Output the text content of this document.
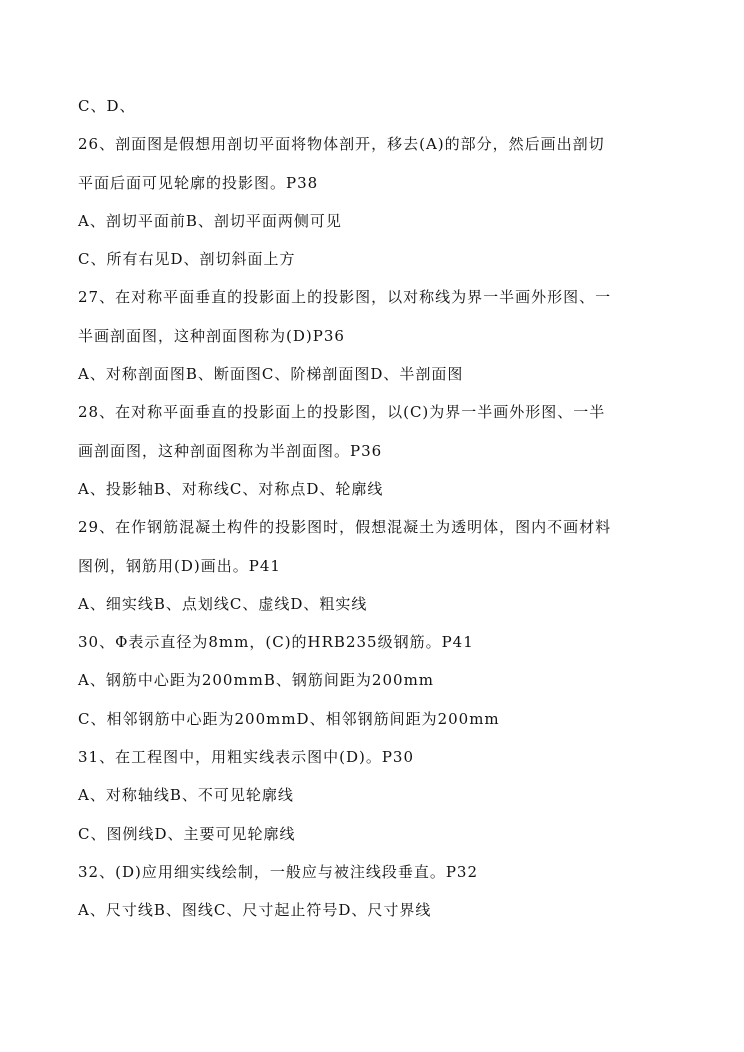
C、D、
26、剖面图是假想用剖切平面将物体剖开，移去(A)的部分，然后画出剖切
平面后面可见轮廓的投影图。P38
A、剖切平面前B、剖切平面两侧可见
C、所有右见D、剖切斜面上方
27、在对称平面垂直的投影面上的投影图，以对称线为界一半画外形图、一
半画剖面图，这种剖面图称为(D)P36
A、对称剖面图B、断面图C、阶梯剖面图D、半剖面图
28、在对称平面垂直的投影面上的投影图，以(C)为界一半画外形图、一半
画剖面图，这种剖面图称为半剖面图。P36
A、投影轴B、对称线C、对称点D、轮廓线
29、在作钢筋混凝土构件的投影图时，假想混凝土为透明体，图内不画材料
图例，钢筋用(D)画出。P41
A、细实线B、点划线C、虚线D、粗实线
30、Φ表示直径为8mm，(C)的HRB235级钢筋。P41
A、钢筋中心距为200mmB、钢筋间距为200mm
C、相邻钢筋中心距为200mmD、相邻钢筋间距为200mm
31、在工程图中，用粗实线表示图中(D)。P30
A、对称轴线B、不可见轮廓线
C、图例线D、主要可见轮廓线
32、(D)应用细实线绘制，一般应与被注线段垂直。P32
A、尺寸线B、图线C、尺寸起止符号D、尺寸界线
